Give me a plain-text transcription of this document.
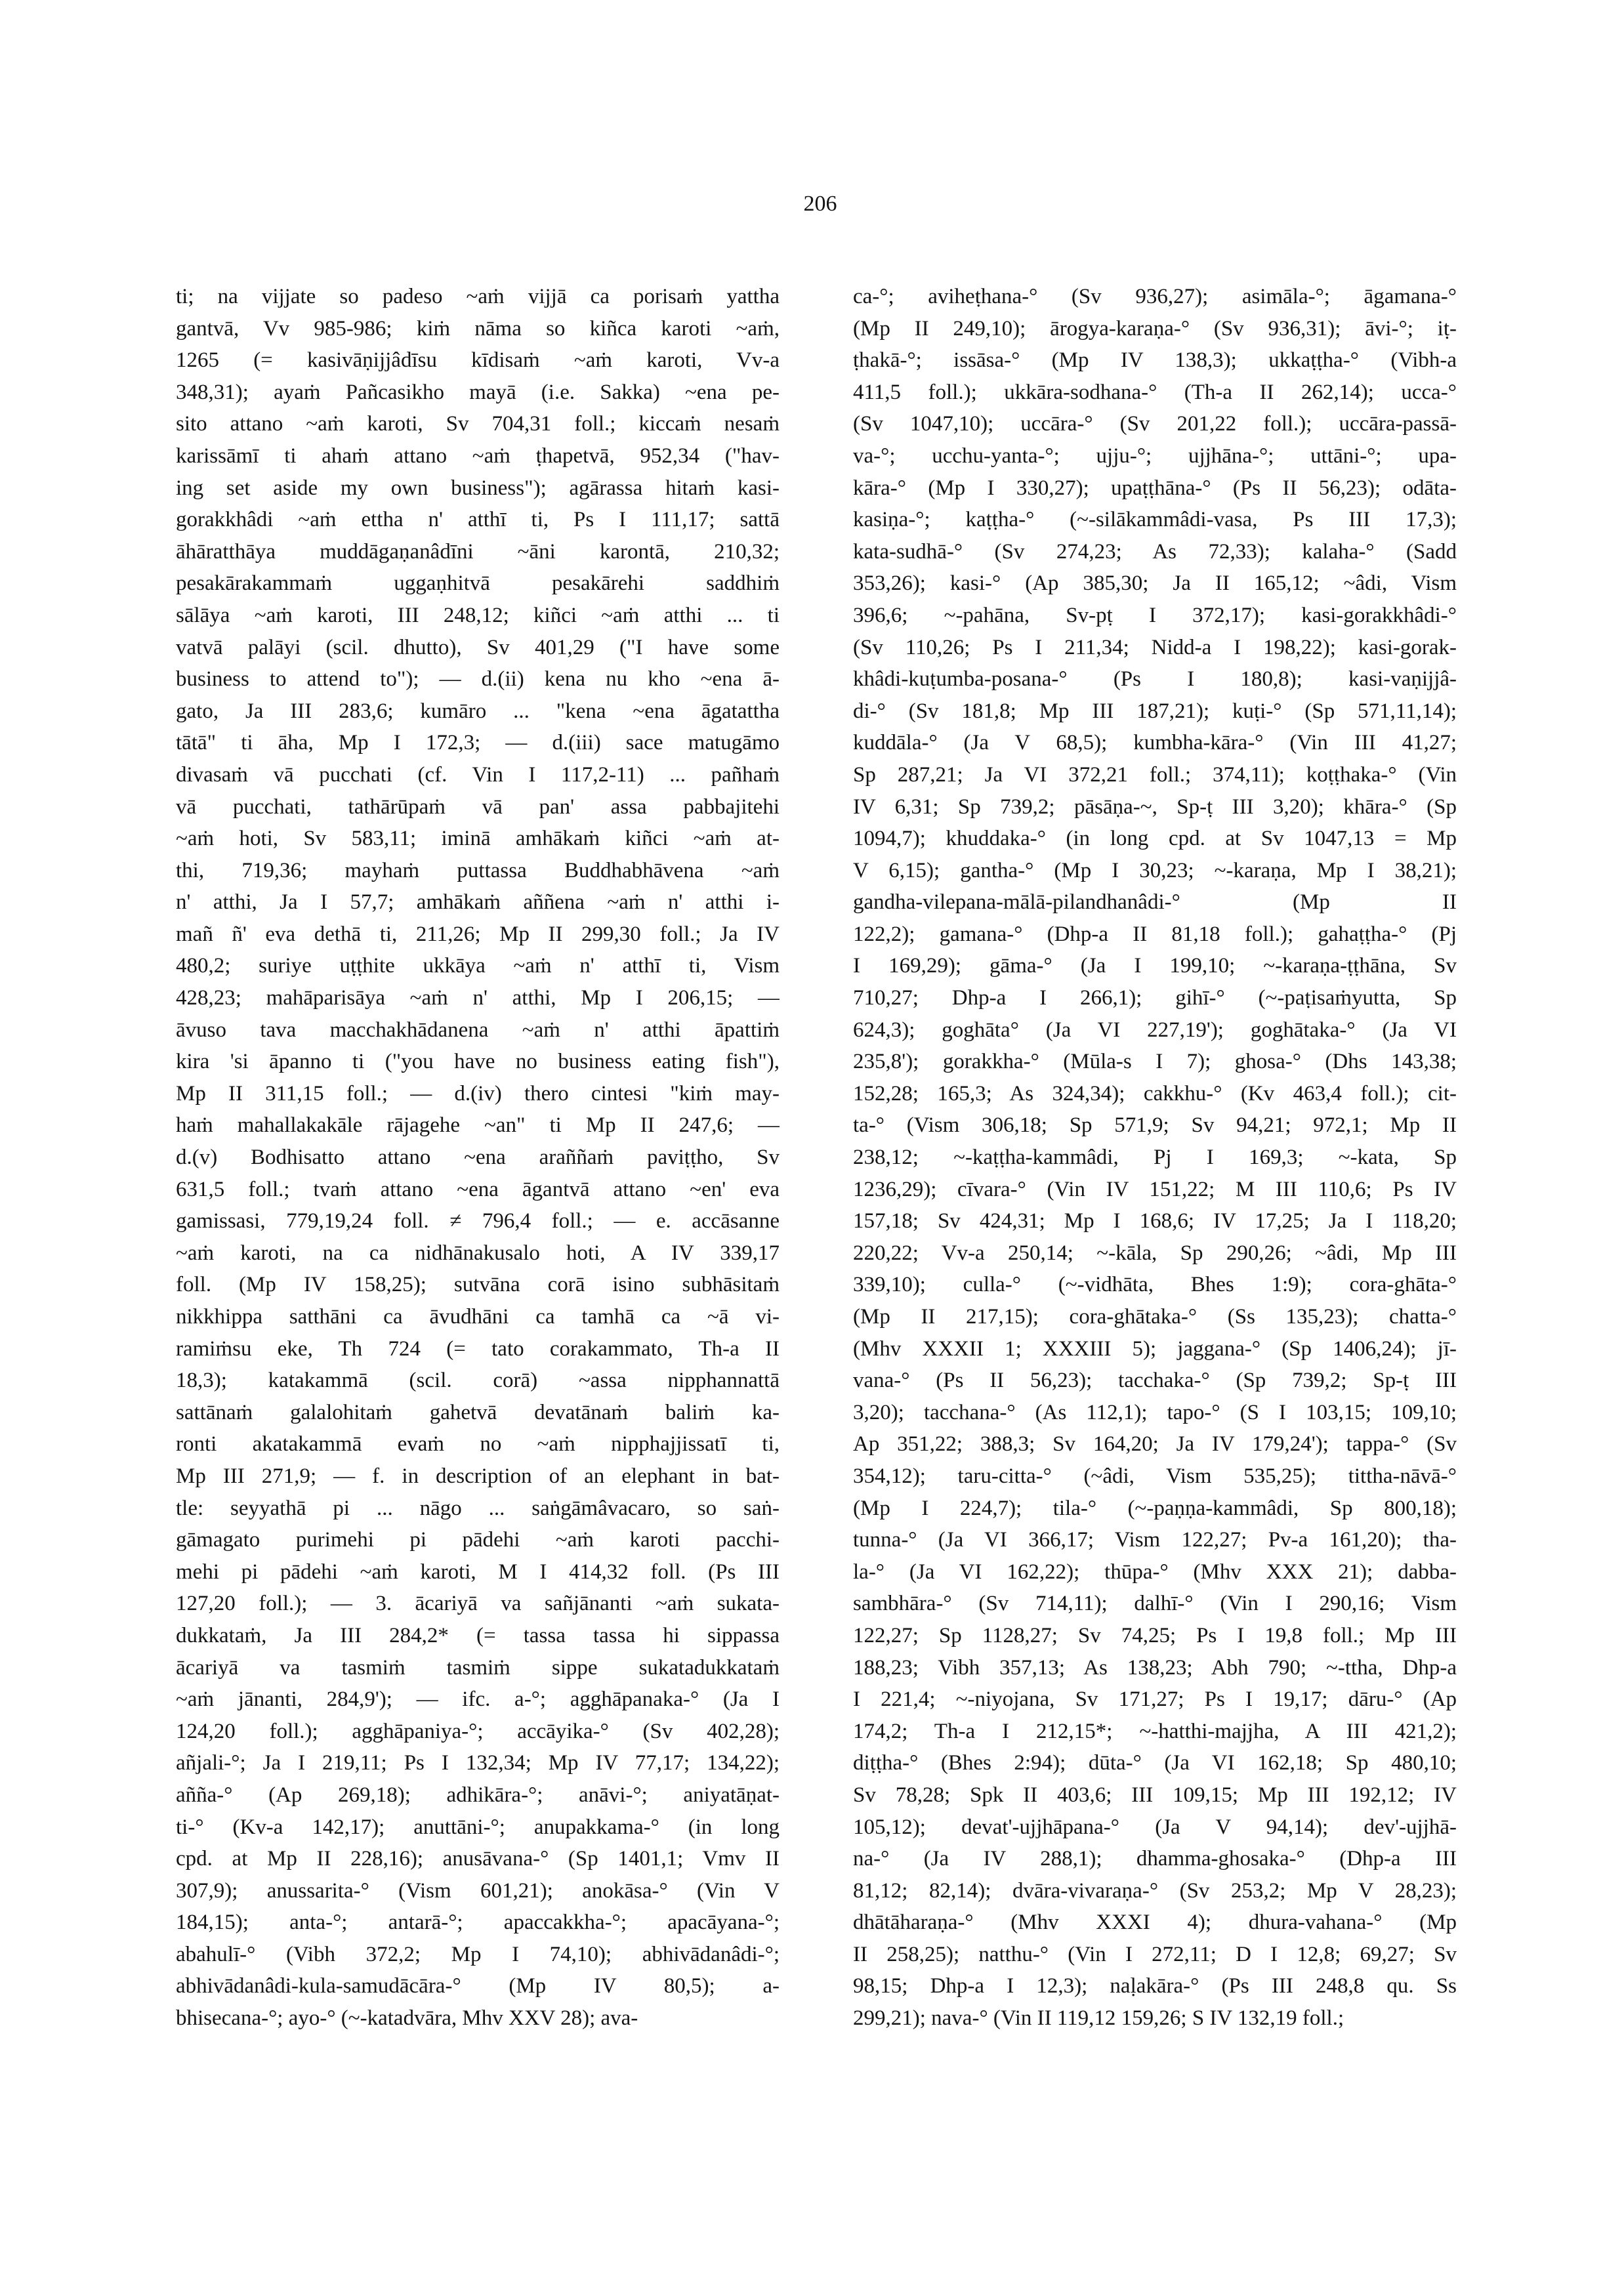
206
ti; na vijjate so padeso ~aṁ vijjā ca porisaṁ yattha
gantvā, Vv 985-986; kiṁ nāma so kiñca karoti ~aṁ,
1265 (= kasivāṇijjâdīsu kīdisaṁ ~aṁ karoti, Vv-a
348,31); ayaṁ Pañcasikho mayā (i.e. Sakka) ~ena pe-
sito attano ~aṁ karoti, Sv 704,31 foll.; kiccaṁ nesaṁ
karissāmī ti ahaṁ attano ~aṁ ṭhapetvā, 952,34 ("hav-
ing set aside my own business"); agārassa hitaṁ kasi-
gorakkhâdi ~aṁ ettha n' atthī ti, Ps I 111,17; sattā
āhāratthāya muddāgaṇanâdīni ~āni karontā, 210,32;
pesakārakammaṁ uggaṇhitvā pesakārehi saddhiṁ
sālāya ~aṁ karoti, III 248,12; kiñci ~aṁ atthi ... ti
vatvā palāyi (scil. dhutto), Sv 401,29 ("I have some
business to attend to"); — d.(ii) kena nu kho ~ena ā-
gato, Ja III 283,6; kumāro ... "kena ~ena āgatattha
tātā" ti āha, Mp I 172,3; — d.(iii) sace matugāmo
divasaṁ vā pucchati (cf. Vin I 117,2-11) ... pañhaṁ
vā pucchati, tathārūpaṁ vā pan' assa pabbajitehi
~aṁ hoti, Sv 583,11; iminā amhākaṁ kiñci ~aṁ at-
thi, 719,36; mayhaṁ puttassa Buddhabhāvena ~aṁ
n' atthi, Ja I 57,7; amhākaṁ aññena ~aṁ n' atthi i-
mañ ñ' eva dethā ti, 211,26; Mp II 299,30 foll.; Ja IV
480,2; suriye uṭṭhite ukkāya ~aṁ n' atthī ti, Vism
428,23; mahāparisāya ~aṁ n' atthi, Mp I 206,15; —
āvuso tava macchakhādanena ~aṁ n' atthi āpattiṁ
kira 'si āpanno ti ("you have no business eating fish"),
Mp II 311,15 foll.; — d.(iv) thero cintesi "kiṁ may-
haṁ mahallakakāle rājagehe ~an" ti Mp II 247,6; —
d.(v) Bodhisatto attano ~ena araññaṁ paviṭṭho, Sv
631,5 foll.; tvaṁ attano ~ena āgantvā attano ~en' eva
gamissasi, 779,19,24 foll. ≠ 796,4 foll.; — e. accāsanne
~aṁ karoti, na ca nidhānakusalo hoti, A IV 339,17
foll. (Mp IV 158,25); sutvāna corā isino subhāsitaṁ
nikkhippa satthāni ca āvudhāni ca tamhā ca ~ā vi-
ramiṁsu eke, Th 724 (= tato corakammato, Th-a II
18,3); katakammā (scil. corā) ~assa nipphannattā
sattānaṁ galalohitaṁ gahetvā devatānaṁ baliṁ ka-
ronti akatakammā evaṁ no ~aṁ nipphajjissatī ti,
Mp III 271,9; — f. in description of an elephant in bat-
tle: seyyathā pi ... nāgo ... saṅgāmâvacaro, so saṅ-
gāmagato purimehi pi pādehi ~aṁ karoti pacchi-
mehi pi pādehi ~aṁ karoti, M I 414,32 foll. (Ps III
127,20 foll.); — 3. ācariyā va sañjānanti ~aṁ sukata-
dukkataṁ, Ja III 284,2* (= tassa tassa hi sippassa
ācariyā va tasmiṁ tasmiṁ sippe sukatadukkataṁ
~aṁ jānanti, 284,9'); — ifc. a-°; agghāpanaka-° (Ja I
124,20 foll.); agghāpaniya-°; accāyika-° (Sv 402,28);
añjali-°; Ja I 219,11; Ps I 132,34; Mp IV 77,17; 134,22);
añña-° (Ap 269,18); adhikāra-°; anāvi-°; aniyatāṇat-
ti-° (Kv-a 142,17); anuttāni-°; anupakkama-° (in long
cpd. at Mp II 228,16); anusāvana-° (Sp 1401,1; Vmv II
307,9); anussarita-° (Vism 601,21); anokāsa-° (Vin V
184,15); anta-°; antarā-°; apaccakkha-°; apacāyana-°;
abahulī-° (Vibh 372,2; Mp I 74,10); abhivādanâdi-°;
abhivādanâdi-kula-samudācāra-° (Mp IV 80,5); a-
bhisecana-°; ayo-° (~-katadvāra, Mhv XXV 28); ava-
ca-°; aviheṭhana-° (Sv 936,27); asimāla-°; āgamana-°
(Mp II 249,10); ārogya-karaṇa-° (Sv 936,31); āvi-°; iṭ-
ṭhakā-°; issāsa-° (Mp IV 138,3); ukkaṭṭha-° (Vibh-a
411,5 foll.); ukkāra-sodhana-° (Th-a II 262,14); ucca-°
(Sv 1047,10); uccāra-° (Sv 201,22 foll.); uccāra-passā-
va-°; ucchu-yanta-°; ujju-°; ujjhāna-°; uttāni-°; upa-
kāra-° (Mp I 330,27); upaṭṭhāna-° (Ps II 56,23); odāta-
kasiṇa-°; kaṭṭha-° (~-silākammâdi-vasa, Ps III 17,3);
kata-sudhā-° (Sv 274,23; As 72,33); kalaha-° (Sadd
353,26); kasi-° (Ap 385,30; Ja II 165,12; ~âdi, Vism
396,6; ~-pahāna, Sv-pṭ I 372,17); kasi-gorakkhâdi-°
(Sv 110,26; Ps I 211,34; Nidd-a I 198,22); kasi-gorak-
khâdi-kuṭumba-posana-° (Ps I 180,8); kasi-vaṇijjâ-
di-° (Sv 181,8; Mp III 187,21); kuṭi-° (Sp 571,11,14);
kuddāla-° (Ja V 68,5); kumbha-kāra-° (Vin III 41,27;
Sp 287,21; Ja VI 372,21 foll.; 374,11); koṭṭhaka-° (Vin
IV 6,31; Sp 739,2; pāsāṇa-~, Sp-ṭ III 3,20); khāra-° (Sp
1094,7); khuddaka-° (in long cpd. at Sv 1047,13 = Mp
V 6,15); gantha-° (Mp I 30,23; ~-karaṇa, Mp I 38,21);
gandha-vilepana-mālā-pilandhanâdi-° (Mp II
122,2); gamana-° (Dhp-a II 81,18 foll.); gahaṭṭha-° (Pj
I 169,29); gāma-° (Ja I 199,10; ~-karaṇa-ṭṭhāna, Sv
710,27; Dhp-a I 266,1); gihī-° (~-paṭisaṁyutta, Sp
624,3); goghāta° (Ja VI 227,19'); goghātaka-° (Ja VI
235,8'); gorakkha-° (Mūla-s I 7); ghosa-° (Dhs 143,38;
152,28; 165,3; As 324,34); cakkhu-° (Kv 463,4 foll.); cit-
ta-° (Vism 306,18; Sp 571,9; Sv 94,21; 972,1; Mp II
238,12; ~-kaṭṭha-kammâdi, Pj I 169,3; ~-kata, Sp
1236,29); cīvara-° (Vin IV 151,22; M III 110,6; Ps IV
157,18; Sv 424,31; Mp I 168,6; IV 17,25; Ja I 118,20;
220,22; Vv-a 250,14; ~-kāla, Sp 290,26; ~âdi, Mp III
339,10); culla-° (~-vidhāta, Bhes 1:9); cora-ghāta-°
(Mp II 217,15); cora-ghātaka-° (Ss 135,23); chatta-°
(Mhv XXXII 1; XXXIII 5); jaggana-° (Sp 1406,24); jī-
vana-° (Ps II 56,23); tacchaka-° (Sp 739,2; Sp-ṭ III
3,20); tacchana-° (As 112,1); tapo-° (S I 103,15; 109,10;
Ap 351,22; 388,3; Sv 164,20; Ja IV 179,24'); tappa-° (Sv
354,12); taru-citta-° (~âdi, Vism 535,25); tittha-nāvā-°
(Mp I 224,7); tila-° (~-paṇṇa-kammâdi, Sp 800,18);
tunna-° (Ja VI 366,17; Vism 122,27; Pv-a 161,20); tha-
la-° (Ja VI 162,22); thūpa-° (Mhv XXX 21); dabba-
sambhāra-° (Sv 714,11); dalhī-° (Vin I 290,16; Vism
122,27; Sp 1128,27; Sv 74,25; Ps I 19,8 foll.; Mp III
188,23; Vibh 357,13; As 138,23; Abh 790; ~-ttha, Dhp-a
I 221,4; ~-niyojana, Sv 171,27; Ps I 19,17; dāru-° (Ap
174,2; Th-a I 212,15*; ~-hatthi-majjha, A III 421,2);
diṭṭha-° (Bhes 2:94); dūta-° (Ja VI 162,18; Sp 480,10;
Sv 78,28; Spk II 403,6; III 109,15; Mp III 192,12; IV
105,12); devat'-ujjhāpana-° (Ja V 94,14); dev'-ujjhā-
na-° (Ja IV 288,1); dhamma-ghosaka-° (Dhp-a III
81,12; 82,14); dvāra-vivaraṇa-° (Sv 253,2; Mp V 28,23);
dhātāharaṇa-° (Mhv XXXI 4); dhura-vahana-° (Mp
II 258,25); natthu-° (Vin I 272,11; D I 12,8; 69,27; Sv
98,15; Dhp-a I 12,3); naḷakāra-° (Ps III 248,8 qu. Ss
299,21); nava-° (Vin II 119,12 159,26; S IV 132,19 foll.;
